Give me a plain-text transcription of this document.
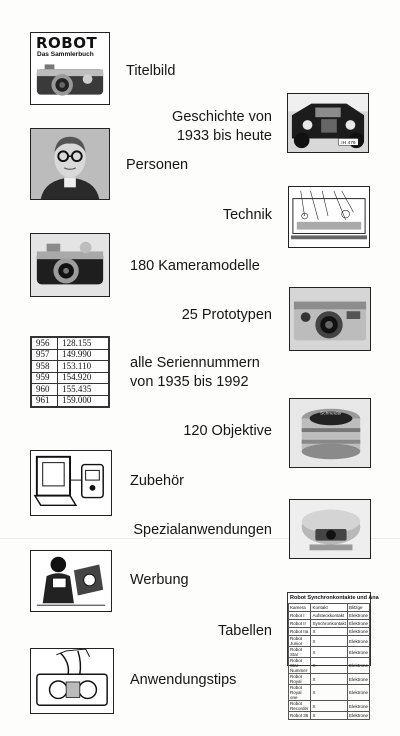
ROBOT
Das Sammlerbuch
Titelbild
Geschichte von
1933 bis heute	IH 476
Personen
Technik
180 Kameramodelle
25 Prototypen
956	128.155
957	149.990
958	153.110
959	154.920
960	155.435
961	159.000
alle Seriennummern
von 1935 bis 1992
120 Objektive
Schneider
Zubehör
Spezialanwendungen
Werbung
Tabellen
Robot Synchronkontakte und Ana
Kamera	Kontakt	Blitzge
Robot I	Aufsteckkontakt	Elektrone
Robot II	Synchronkontakt	Elektrone
Robot IIa	X	Elektrone
Robot Junior	X	Elektrone
Robot Star	X	Elektrone
Robot Star Nummer	X	Elektrone
Robot Royal	X	Elektrone
Robot Royal one	X	Elektrone
Robot Recorder	X	Elektrone
Robot 36	X	Elektrone
Anwendungstips
